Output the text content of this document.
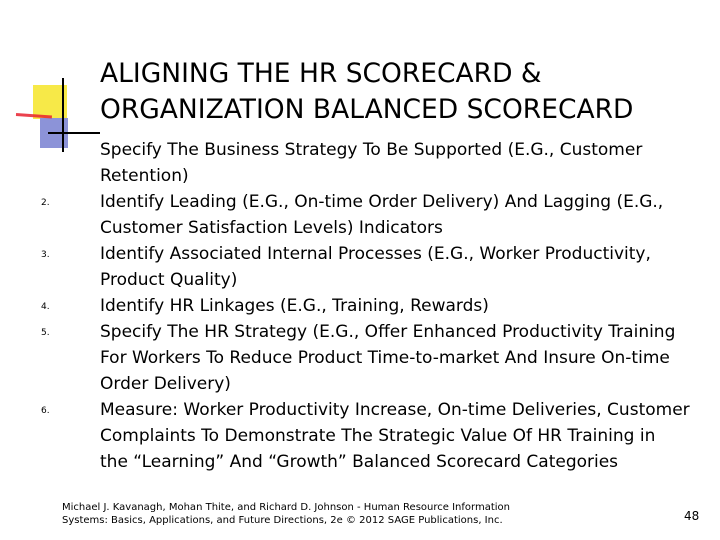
ALIGNING THE HR SCORECARD &
ORGANIZATION BALANCED SCORECARD
Specify The Business Strategy To Be Supported (E.G., Customer
Retention)
2.	Identify Leading (E.G., On-time Order Delivery) And Lagging (E.G.,
Customer Satisfaction Levels) Indicators
3.	Identify Associated Internal Processes (E.G., Worker Productivity,
Product Quality)
4.	Identify HR Linkages (E.G., Training, Rewards)
5.	Specify The HR Strategy (E.G., Offer Enhanced Productivity Training
For Workers To Reduce Product Time-to-market And Insure On-time
Order Delivery)
6.	Measure: Worker Productivity Increase, On-time Deliveries, Customer
Complaints To Demonstrate The Strategic Value Of HR Training in
the “Learning” And “Growth” Balanced Scorecard Categories
Michael J. Kavanagh, Mohan Thite, and Richard D. Johnson - Human Resource Information
Systems: Basics, Applications, and Future Directions, 2e © 2012 SAGE Publications, Inc.	48
